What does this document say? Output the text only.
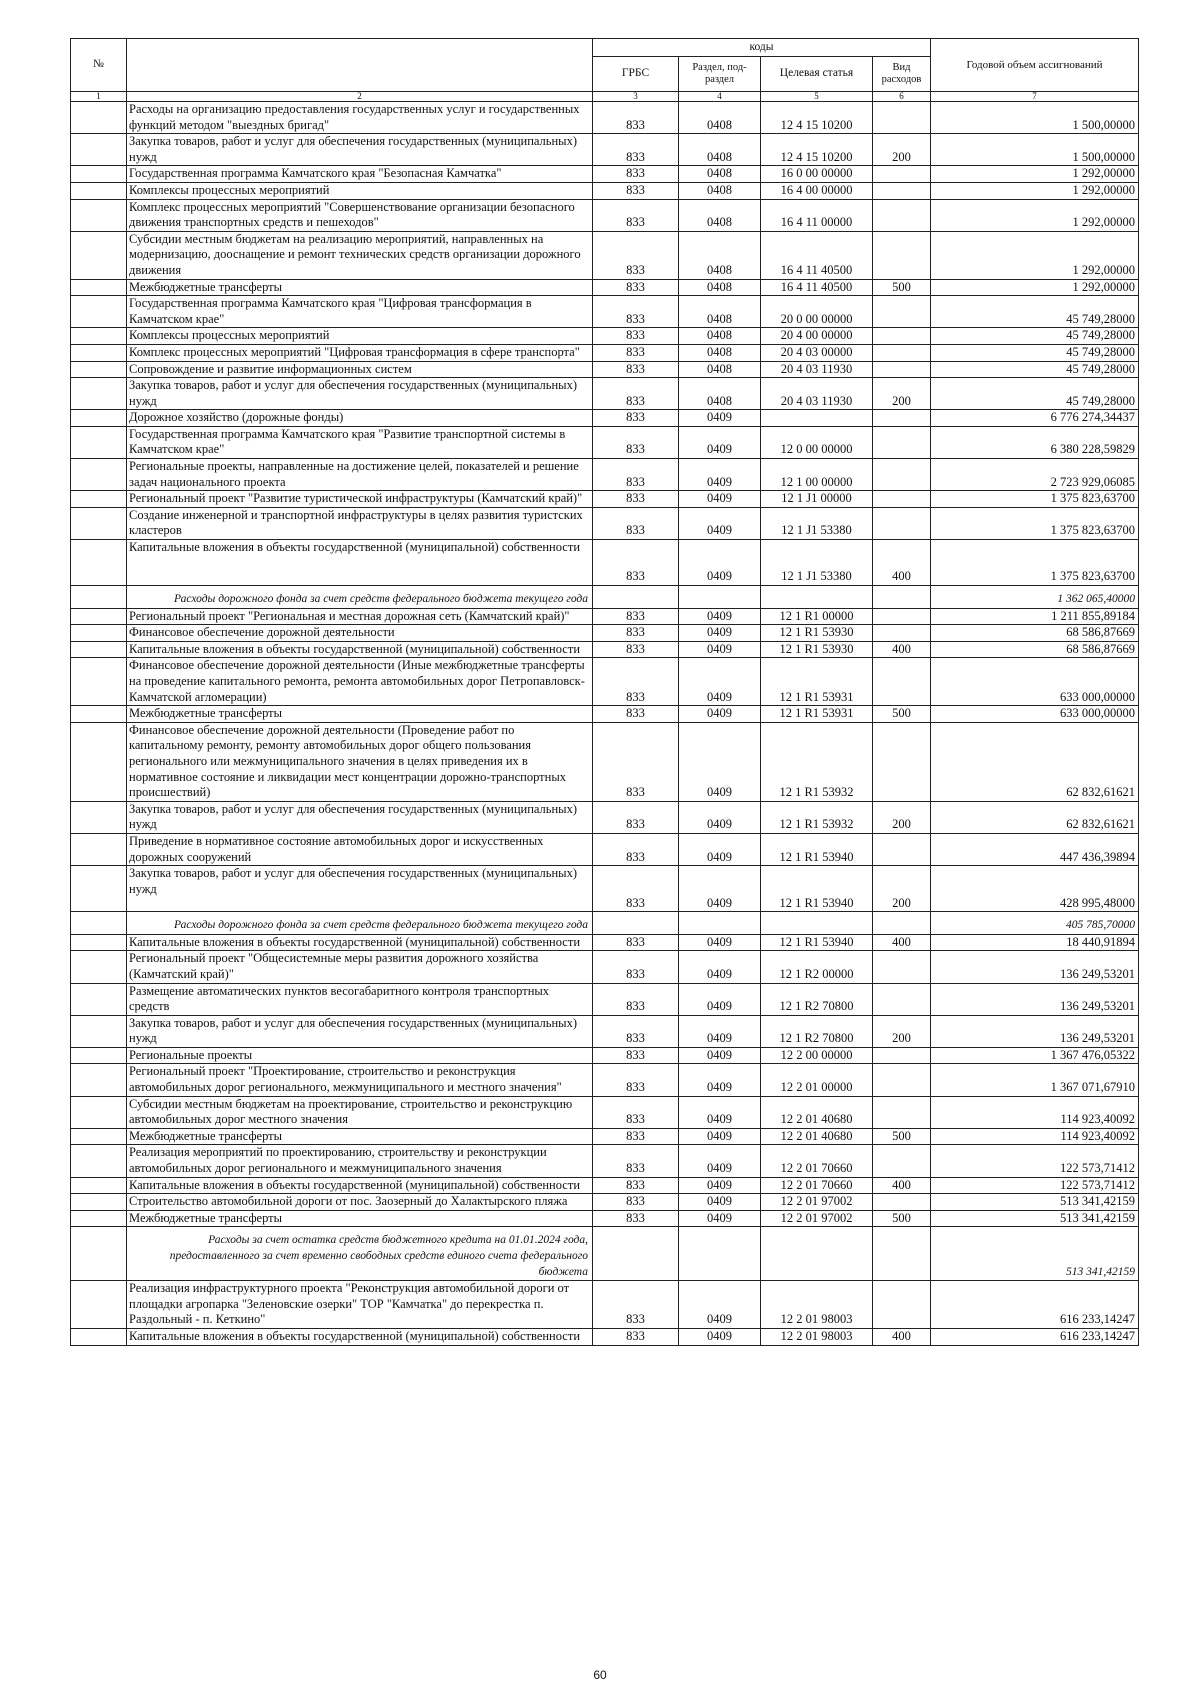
№		коды				Годовой объем ассигнований
		ГРБС	Раздел, под-раздел	Целевая статья	Вид расходов	
1	2	3	4	5	6	7
	Расходы на организацию предоставления государственных услуг и государственных функций методом "выездных бригад"	833	0408	12 4 15 10200		1 500,00000
	Закупка товаров, работ и услуг для обеспечения государственных (муниципальных) нужд	833	0408	12 4 15 10200	200	1 500,00000
	Государственная программа Камчатского края "Безопасная Камчатка"	833	0408	16 0 00 00000		1 292,00000
	Комплексы процессных мероприятий	833	0408	16 4 00 00000		1 292,00000
	Комплекс процессных мероприятий "Совершенствование организации безопасного движения транспортных средств и пешеходов"	833	0408	16 4 11 00000		1 292,00000
	Субсидии местным бюджетам на реализацию мероприятий, направленных на модернизацию, дооснащение и ремонт технических средств организации дорожного движения	833	0408	16 4 11 40500		1 292,00000
	Межбюджетные трансферты	833	0408	16 4 11 40500	500	1 292,00000
	Государственная программа Камчатского края "Цифровая трансформация в Камчатском крае"	833	0408	20 0 00 00000		45 749,28000
	Комплексы процессных мероприятий	833	0408	20 4 00 00000		45 749,28000
	Комплекс процессных мероприятий "Цифровая трансформация в сфере транспорта"	833	0408	20 4 03 00000		45 749,28000
	Сопровождение и развитие информационных систем	833	0408	20 4 03 11930		45 749,28000
	Закупка товаров, работ и услуг для обеспечения государственных (муниципальных) нужд	833	0408	20 4 03 11930	200	45 749,28000
	Дорожное хозяйство (дорожные фонды)	833	0409			6 776 274,34437
	Государственная программа Камчатского края "Развитие транспортной системы в Камчатском крае"	833	0409	12 0 00 00000		6 380 228,59829
	Региональные проекты, направленные на достижение целей, показателей и решение задач национального проекта	833	0409	12 1 00 00000		2 723 929,06085
	Региональный проект "Развитие туристической инфраструктуры (Камчатский край)"	833	0409	12 1 J1 00000		1 375 823,63700
	Создание инженерной и транспортной инфраструктуры в целях развития туристских кластеров	833	0409	12 1 J1 53380		1 375 823,63700
	Капитальные вложения в объекты государственной (муниципальной) собственности	833	0409	12 1 J1 53380	400	1 375 823,63700
	Расходы дорожного фонда за счет средств федерального бюджета текущего года					1 362 065,40000
	Региональный проект "Региональная и местная дорожная сеть (Камчатский край)"	833	0409	12 1 R1 00000		1 211 855,89184
	Финансовое обеспечение дорожной деятельности	833	0409	12 1 R1 53930		68 586,87669
	Капитальные вложения в объекты государственной (муниципальной) собственности	833	0409	12 1 R1 53930	400	68 586,87669
	Финансовое обеспечение дорожной деятельности (Иные межбюджетные трансферты на проведение капитального ремонта, ремонта автомобильных дорог Петропавловск-Камчатской агломерации)	833	0409	12 1 R1 53931		633 000,00000
	Межбюджетные трансферты	833	0409	12 1 R1 53931	500	633 000,00000
	Финансовое обеспечение дорожной деятельности (Проведение работ по капитальному ремонту, ремонту автомобильных дорог общего пользования регионального или межмуниципального значения в целях приведения их в нормативное состояние и ликвидации мест концентрации дорожно-транспортных происшествий)	833	0409	12 1 R1 53932		62 832,61621
	Закупка товаров, работ и услуг для обеспечения государственных (муниципальных) нужд	833	0409	12 1 R1 53932	200	62 832,61621
	Приведение в нормативное состояние автомобильных дорог и искусственных дорожных сооружений	833	0409	12 1 R1 53940		447 436,39894
	Закупка товаров, работ и услуг для обеспечения государственных (муниципальных) нужд	833	0409	12 1 R1 53940	200	428 995,48000
	Расходы дорожного фонда за счет средств федерального бюджета текущего года					405 785,70000
	Капитальные вложения в объекты государственной (муниципальной) собственности	833	0409	12 1 R1 53940	400	18 440,91894
	Региональный проект "Общесистемные меры развития дорожного хозяйства (Камчатский край)"	833	0409	12 1 R2 00000		136 249,53201
	Размещение автоматических пунктов весогабаритного контроля транспортных средств	833	0409	12 1 R2 70800		136 249,53201
	Закупка товаров, работ и услуг для обеспечения государственных (муниципальных) нужд	833	0409	12 1 R2 70800	200	136 249,53201
	Региональные проекты	833	0409	12 2 00 00000		1 367 476,05322
	Региональный проект "Проектирование, строительство и реконструкция автомобильных дорог регионального, межмуниципального и местного значения"	833	0409	12 2 01 00000		1 367 071,67910
	Субсидии местным бюджетам на проектирование, строительство и реконструкцию автомобильных дорог местного значения	833	0409	12 2 01 40680		114 923,40092
	Межбюджетные трансферты	833	0409	12 2 01 40680	500	114 923,40092
	Реализация мероприятий по проектированию, строительству и реконструкции автомобильных дорог регионального и межмуниципального значения	833	0409	12 2 01 70660		122 573,71412
	Капитальные вложения в объекты государственной (муниципальной) собственности	833	0409	12 2 01 70660	400	122 573,71412
	Строительство автомобильной дороги от пос. Заозерный до Халактырского пляжа	833	0409	12 2 01 97002		513 341,42159
	Межбюджетные трансферты	833	0409	12 2 01 97002	500	513 341,42159
	Расходы за счет остатка средств бюджетного кредита на 01.01.2024 года, предоставленного за счет временно свободных средств единого счета федерального бюджета					513 341,42159
	Реализация инфраструктурного проекта "Реконструкция автомобильной дороги от площадки агропарка "Зеленовские озерки" ТОР "Камчатка" до перекрестка п. Раздольный - п. Кеткино"	833	0409	12 2 01 98003		616 233,14247
	Капитальные вложения в объекты государственной (муниципальной) собственности	833	0409	12 2 01 98003	400	616 233,14247
60
